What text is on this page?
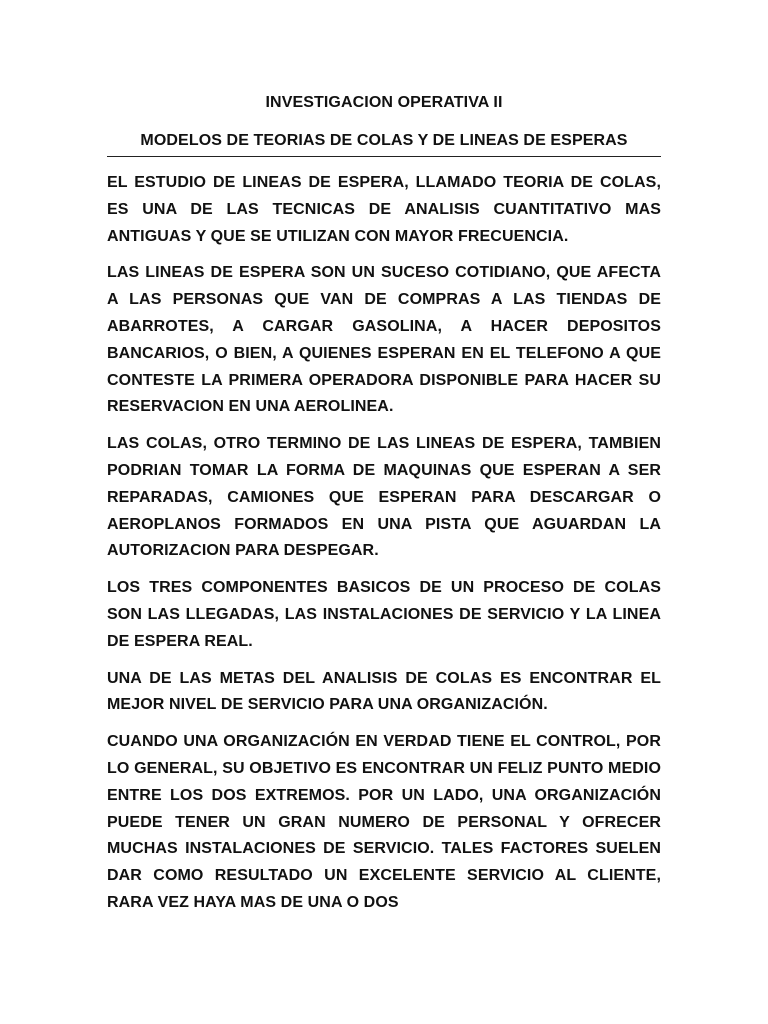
INVESTIGACION OPERATIVA II
MODELOS DE TEORIAS DE COLAS Y DE LINEAS DE ESPERAS

EL ESTUDIO DE LINEAS DE ESPERA, LLAMADO TEORIA DE COLAS, ES UNA DE LAS TECNICAS DE ANALISIS CUANTITATIVO MAS ANTIGUAS Y QUE SE UTILIZAN CON MAYOR FRECUENCIA.

LAS LINEAS DE ESPERA SON UN SUCESO COTIDIANO, QUE AFECTA A LAS PERSONAS QUE VAN DE COMPRAS A LAS TIENDAS DE ABARROTES, A CARGAR GASOLINA, A HACER DEPOSITOS BANCARIOS, O BIEN, A QUIENES ESPERAN EN EL TELEFONO A QUE CONTESTE LA PRIMERA OPERADORA DISPONIBLE PARA HACER SU RESERVACION EN UNA AEROLINEA.

LAS COLAS, OTRO TERMINO DE LAS LINEAS DE ESPERA, TAMBIEN PODRIAN TOMAR LA FORMA DE MAQUINAS QUE ESPERAN A SER REPARADAS, CAMIONES QUE ESPERAN PARA DESCARGAR O AEROPLANOS FORMADOS EN UNA PISTA QUE AGUARDAN LA AUTORIZACION PARA DESPEGAR.

LOS TRES COMPONENTES BASICOS DE UN PROCESO DE COLAS SON LAS LLEGADAS, LAS INSTALACIONES DE SERVICIO Y LA LINEA DE ESPERA REAL.

UNA DE LAS METAS DEL ANALISIS DE COLAS ES ENCONTRAR EL MEJOR NIVEL DE SERVICIO PARA UNA ORGANIZACIÓN.

CUANDO UNA ORGANIZACIÓN EN VERDAD TIENE EL CONTROL, POR LO GENERAL, SU OBJETIVO ES ENCONTRAR UN FELIZ PUNTO MEDIO ENTRE LOS DOS EXTREMOS. POR UN LADO, UNA ORGANIZACIÓN PUEDE TENER UN GRAN NUMERO DE PERSONAL Y OFRECER MUCHAS INSTALACIONES DE SERVICIO. TALES FACTORES SUELEN DAR COMO RESULTADO UN EXCELENTE SERVICIO AL CLIENTE, RARA VEZ HAYA MAS DE UNA O DOS
